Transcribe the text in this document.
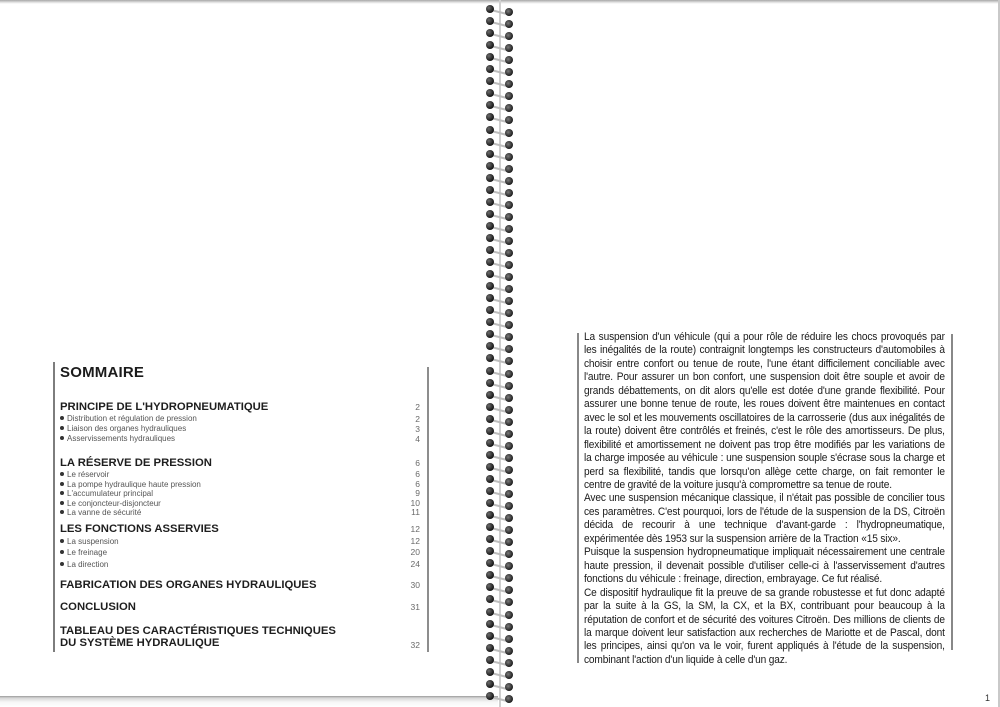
SOMMAIRE
PRINCIPE DE L'HYDROPNEUMATIQUE	2
Distribution et régulation de pression	2
Liaison des organes hydrauliques	3
Asservissements hydrauliques	4
LA RÉSERVE DE PRESSION	6
Le réservoir	6
La pompe hydraulique haute pression	6
L'accumulateur principal	9
Le conjoncteur-disjoncteur	10
La vanne de sécurité	11
LES FONCTIONS ASSERVIES	12
La suspension	12
Le freinage	20
La direction	24
FABRICATION DES ORGANES HYDRAULIQUES	30
CONCLUSION	31
TABLEAU DES CARACTÉRISTIQUES TECHNIQUES
DU SYSTÈME HYDRAULIQUE	32

La suspension d'un véhicule (qui a pour rôle de réduire les chocs provoqués par les inégalités de la route) contraignit longtemps les constructeurs d'automobiles à choisir entre confort ou tenue de route, l'une étant difficilement conciliable avec l'autre. Pour assurer un bon confort, une suspension doit être souple et avoir de grands débattements, on dit alors qu'elle est dotée d'une grande flexibilité. Pour assurer une bonne tenue de route, les roues doivent être maintenues en contact avec le sol et les mouvements oscillatoires de la carrosserie (dus aux inégalités de la route) doivent être contrôlés et freinés, c'est le rôle des amortisseurs. De plus, flexibilité et amortissement ne doivent pas trop être modifiés par les variations de la charge imposée au véhicule : une suspension souple s'écrase sous la charge et perd sa flexibilité, tandis que lorsqu'on allège cette charge, on fait remonter le centre de gravité de la voiture jusqu'à compromettre sa tenue de route.

Avec une suspension mécanique classique, il n'était pas possible de concilier tous ces paramètres. C'est pourquoi, lors de l'étude de la suspension de la DS, Citroën décida de recourir à une technique d'avant-garde : l'hydropneumatique, expérimentée dès 1953 sur la suspension arrière de la Traction «15 six».

Puisque la suspension hydropneumatique impliquait nécessairement une centrale haute pression, il devenait possible d'utiliser celle-ci à l'asservissement d'autres fonctions du véhicule : freinage, direction, embrayage. Ce fut réalisé.

Ce dispositif hydraulique fit la preuve de sa grande robustesse et fut donc adapté par la suite à la GS, la SM, la CX, et la BX, contribuant pour beaucoup à la réputation de confort et de sécurité des voitures Citroën. Des millions de clients de la marque doivent leur satisfaction aux recherches de Mariotte et de Pascal, dont les principes, ainsi qu'on va le voir, furent appliqués à l'étude de la suspension, combinant l'action d'un liquide à celle d'un gaz.

1
